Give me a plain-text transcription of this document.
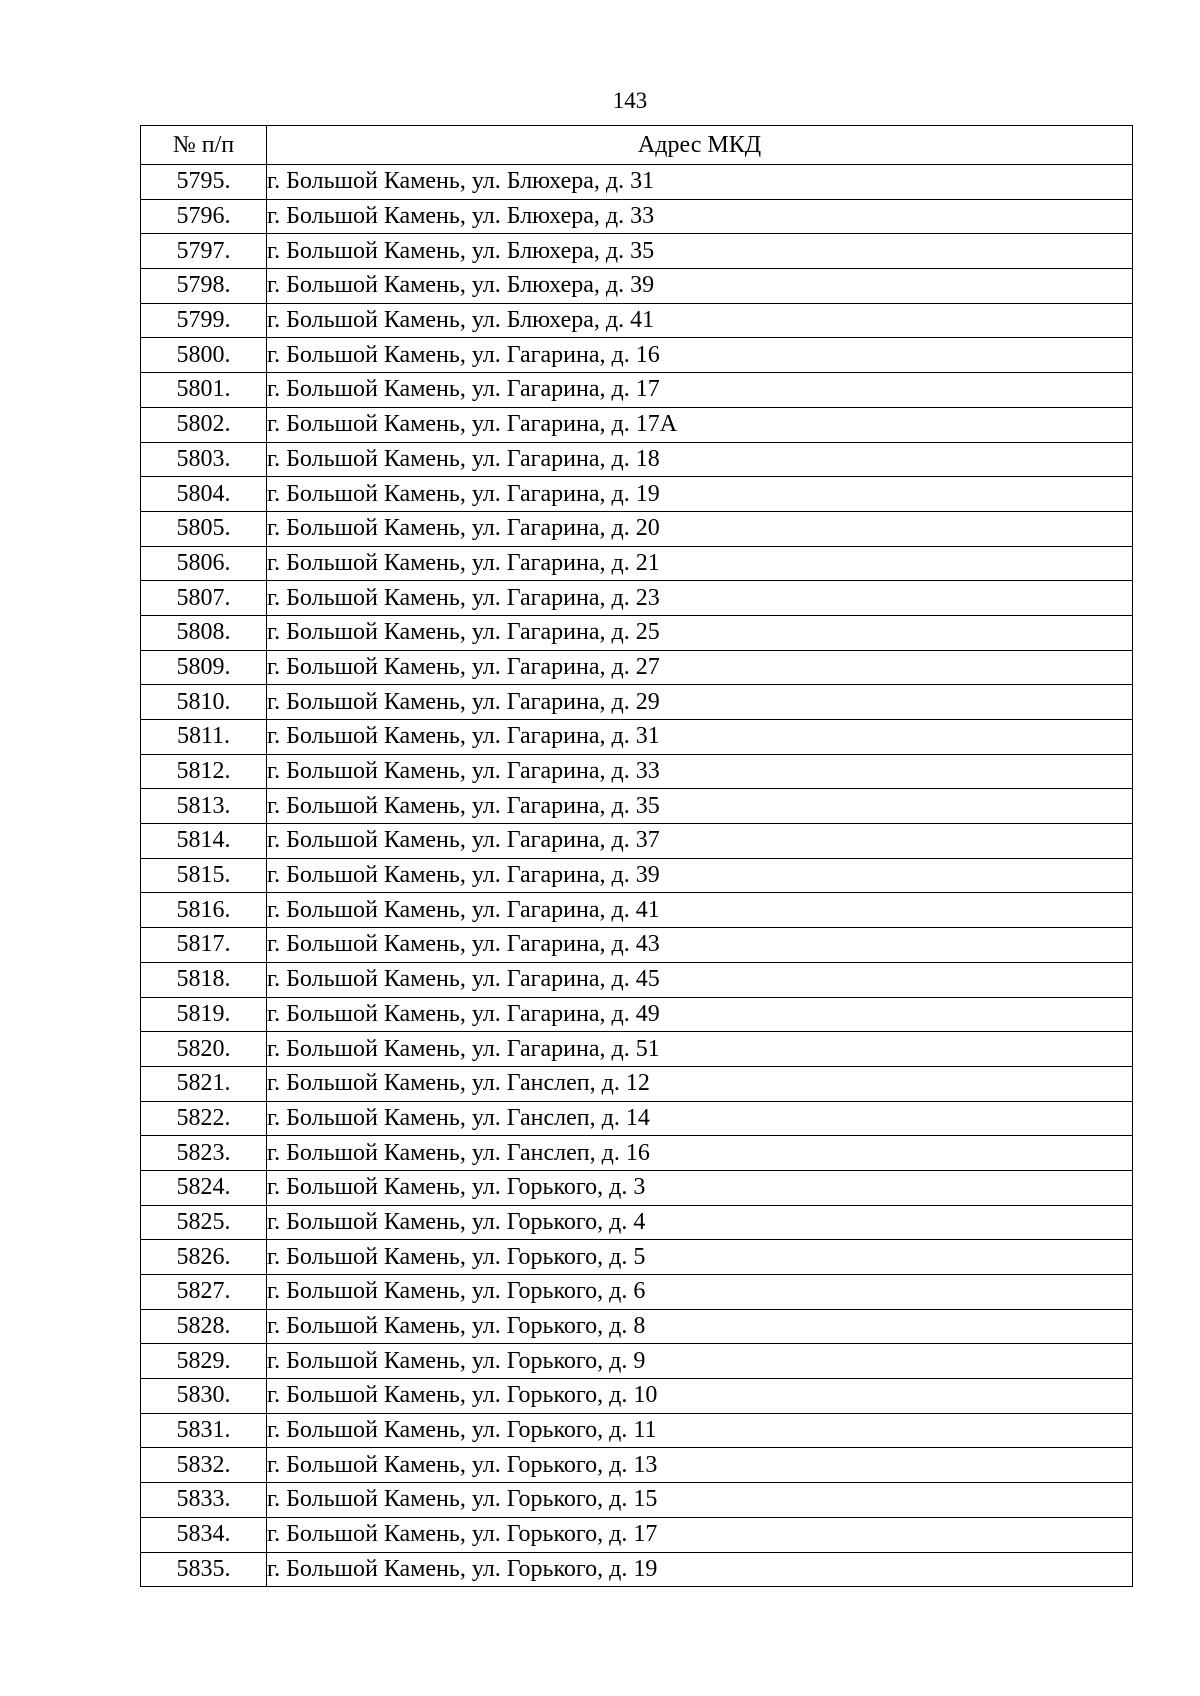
143
№ п/п	Адрес МКД
5795.	г. Большой Камень, ул. Блюхера, д. 31
5796.	г. Большой Камень, ул. Блюхера, д. 33
5797.	г. Большой Камень, ул. Блюхера, д. 35
5798.	г. Большой Камень, ул. Блюхера, д. 39
5799.	г. Большой Камень, ул. Блюхера, д. 41
5800.	г. Большой Камень, ул. Гагарина, д. 16
5801.	г. Большой Камень, ул. Гагарина, д. 17
5802.	г. Большой Камень, ул. Гагарина, д. 17А
5803.	г. Большой Камень, ул. Гагарина, д. 18
5804.	г. Большой Камень, ул. Гагарина, д. 19
5805.	г. Большой Камень, ул. Гагарина, д. 20
5806.	г. Большой Камень, ул. Гагарина, д. 21
5807.	г. Большой Камень, ул. Гагарина, д. 23
5808.	г. Большой Камень, ул. Гагарина, д. 25
5809.	г. Большой Камень, ул. Гагарина, д. 27
5810.	г. Большой Камень, ул. Гагарина, д. 29
5811.	г. Большой Камень, ул. Гагарина, д. 31
5812.	г. Большой Камень, ул. Гагарина, д. 33
5813.	г. Большой Камень, ул. Гагарина, д. 35
5814.	г. Большой Камень, ул. Гагарина, д. 37
5815.	г. Большой Камень, ул. Гагарина, д. 39
5816.	г. Большой Камень, ул. Гагарина, д. 41
5817.	г. Большой Камень, ул. Гагарина, д. 43
5818.	г. Большой Камень, ул. Гагарина, д. 45
5819.	г. Большой Камень, ул. Гагарина, д. 49
5820.	г. Большой Камень, ул. Гагарина, д. 51
5821.	г. Большой Камень, ул. Ганслеп, д. 12
5822.	г. Большой Камень, ул. Ганслеп, д. 14
5823.	г. Большой Камень, ул. Ганслеп, д. 16
5824.	г. Большой Камень, ул. Горького, д. 3
5825.	г. Большой Камень, ул. Горького, д. 4
5826.	г. Большой Камень, ул. Горького, д. 5
5827.	г. Большой Камень, ул. Горького, д. 6
5828.	г. Большой Камень, ул. Горького, д. 8
5829.	г. Большой Камень, ул. Горького, д. 9
5830.	г. Большой Камень, ул. Горького, д. 10
5831.	г. Большой Камень, ул. Горького, д. 11
5832.	г. Большой Камень, ул. Горького, д. 13
5833.	г. Большой Камень, ул. Горького, д. 15
5834.	г. Большой Камень, ул. Горького, д. 17
5835.	г. Большой Камень, ул. Горького, д. 19
